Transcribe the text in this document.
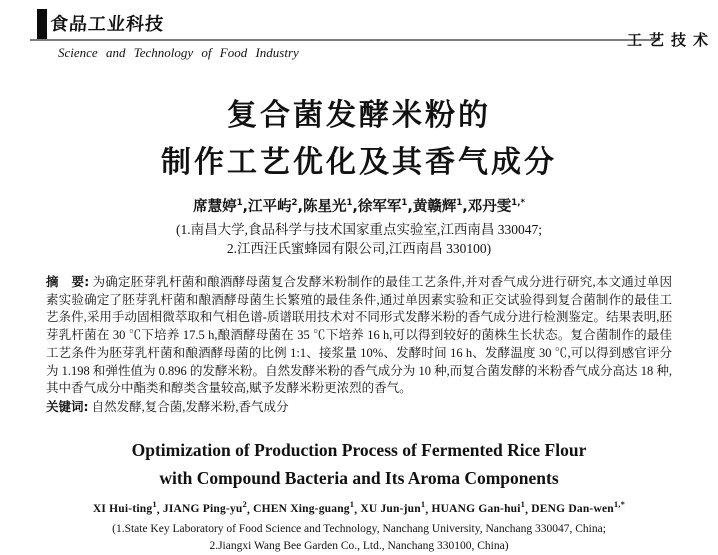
食品工业科技
工艺技术
Science and Technology of Food Industry
复合菌发酵米粉的
制作工艺优化及其香气成分
席慧婷$^1$,江平屿$^2$,陈星光$^1$,徐军军$^1$,黄赣辉$^1$,邓丹雯$^{1,*}$
(1.南昌大学,食品科学与技术国家重点实验室,江西南昌 330047;
2.江西汪氏蜜蜂园有限公司,江西南昌 330100)
摘　要: 为确定胚芽乳杆菌和酿酒酵母菌复合发酵米粉制作的最佳工艺条件,并对香气成分进行研究,本文通过单因素实验确定了胚芽乳杆菌和酿酒酵母菌生长繁殖的最佳条件,通过单因素实验和正交试验得到复合菌制作的最佳工艺条件,采用手动固相微萃取和气相色谱-质谱联用技术对不同形式发酵米粉的香气成分进行检测鉴定。结果表明,胚芽乳杆菌在 30 ℃下培养 17.5 h,酿酒酵母菌在 35 ℃下培养 16 h,可以得到较好的菌株生长状态。复合菌制作的最佳工艺条件为胚芽乳杆菌和酿酒酵母菌的比例 1:1、接浆量 10%、发酵时间 16 h、发酵温度 30 ℃,可以得到感官评分为 1.198 和弹性值为 0.896 的发酵米粉。自然发酵米粉的香气成分为 10 种,而复合菌发酵的米粉香气成分高达 18 种,其中香气成分中酯类和醇类含量较高,赋予发酵米粉更浓烈的香气。
关键词: 自然发酵,复合菌,发酵米粉,香气成分
Optimization of Production Process of Fermented Rice Flour
with Compound Bacteria and Its Aroma Components
XI Hui-ting$^1$, JIANG Ping-$yu^2$, CHEN Xing-guang$^1$, XU Jun-jun$^1$, HUANG Gan-hui$^1$, DENG Dan-wen$^{1,*}$
(1.State Key Laboratory of Food Science and Technology, Nanchang University, Nanchang 330047, China;
2.Jiangxi Wang Bee Garden Co., Ltd., Nanchang 330100, China)
